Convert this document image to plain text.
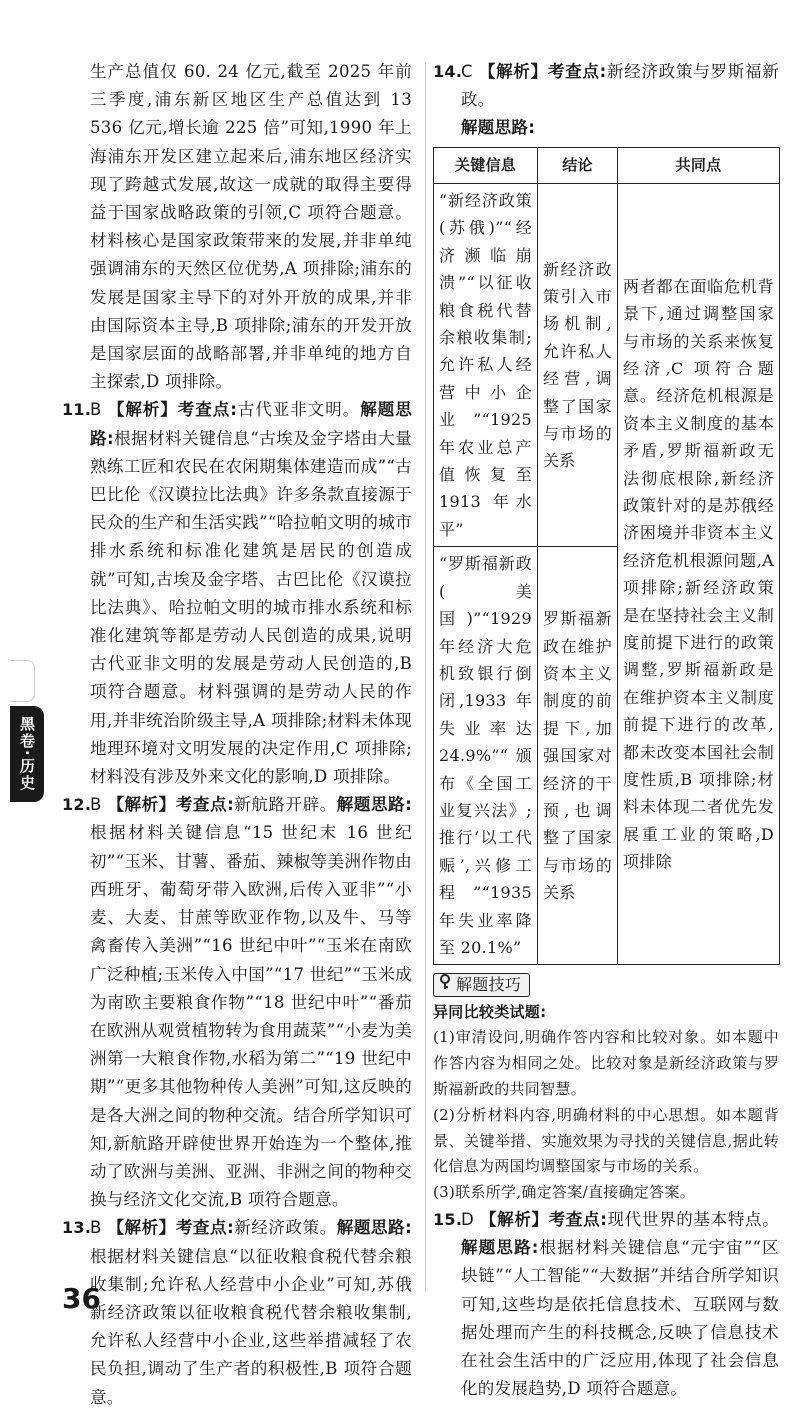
生产总值仅 60. 24 亿元,截至 2025 年前三季度,浦东新区地区生产总值达到 13 536 亿元,增长逾 225 倍”可知,1990 年上海浦东开发区建立起来后,浦东地区经济实现了跨越式发展,故这一成就的取得主要得益于国家战略政策的引领,C 项符合题意。材料核心是国家政策带来的发展,并非单纯强调浦东的天然区位优势,A 项排除;浦东的发展是国家主导下的对外开放的成果,并非由国际资本主导,B 项排除;浦东的开发开放是国家层面的战略部署,并非单纯的地方自主探索,D 项排除。

11.
B 【解析】考查点:古代亚非文明。解题思路:根据材料关键信息“古埃及金字塔由大量熟练工匠和农民在农闲期集体建造而成”“古巴比伦《汉谟拉比法典》许多条款直接源于民众的生产和生活实践”“哈拉帕文明的城市排水系统和标准化建筑是居民的创造成就”可知,古埃及金字塔、古巴比伦《汉谟拉比法典》、哈拉帕文明的城市排水系统和标准化建筑等都是劳动人民创造的成果,说明古代亚非文明的发展是劳动人民创造的,B 项符合题意。材料强调的是劳动人民的作用,并非统治阶级主导,A 项排除;材料未体现地理环境对文明发展的决定作用,C 项排除;材料没有涉及外来文化的影响,D 项排除。
12.
B 【解析】考查点:新航路开辟。解题思路:根据材料关键信息“15 世纪末 16 世纪初”“玉米、甘薯、番茄、辣椒等美洲作物由西班牙、葡萄牙带入欧洲,后传入亚非”“小麦、大麦、甘蔗等欧亚作物,以及牛、马等禽畜传入美洲”“16 世纪中叶”“玉米在南欧广泛种植;玉米传入中国”“17 世纪”“玉米成为南欧主要粮食作物”“18 世纪中叶”“番茄在欧洲从观赏植物转为食用蔬菜”“小麦为美洲第一大粮食作物,水稻为第二”“19 世纪中期”“更多其他物种传人美洲”可知,这反映的是各大洲之间的物种交流。结合所学知识可知,新航路开辟使世界开始连为一个整体,推动了欧洲与美洲、亚洲、非洲之间的物种交换与经济文化交流,B 项符合题意。
13.
B 【解析】考查点:新经济政策。解题思路:根据材料关键信息“以征收粮食税代替余粮收集制;允许私人经营中小企业”可知,苏俄新经济政策以征收粮食税代替余粮收集制,允许私人经营中小企业,这些举措减轻了农民负担,调动了生产者的积极性,B 项符合题意。
14.
C 【解析】考查点:新经济政策与罗斯福新政。
解题思路:
关键信息	结论	共同点
“新经济政策(苏俄)”“经济濒临崩溃”“以征收粮食税代替余粮收集制;允许私人经营中小企业”“1925 年农业总产值恢复至 1913 年水平”	新经济政策引入市场机制,允许私人经营,调整了国家与市场的关系	两者都在面临危机背景下,通过调整国家与市场的关系来恢复经济,C 项符合题意。经济危机根源是资本主义制度的基本矛盾,罗斯福新政无法彻底根除,新经济政策针对的是苏俄经济困境并非资本主义经济危机根源问题,A 项排除;新经济政策是在坚持社会主义制度前提下进行的政策调整,罗斯福新政是在维护资本主义制度前提下进行的改革,都未改变本国社会制度性质,B 项排除;材料未体现二者优先发展重工业的策略,D 项排除
“罗斯福新政(美国)”“1929 年经济大危机致银行倒闭,1933 年失业率达 24.9%”“颁布《全国工业复兴法》;推行‘以工代赈’,兴修工程”“1935 年失业率降至 20.1%”	罗斯福新政在维护资本主义制度的前提下,加强国家对经济的干预,也调整了国家与市场的关系	
解题技巧
异同比较类试题:

(1)审清设问,明确作答内容和比较对象。如本题中作答内容为相同之处。比较对象是新经济政策与罗斯福新政的共同智慧。

(2)分析材料内容,明确材料的中心思想。如本题背景、关键举措、实施效果为寻找的关键信息,据此转化信息为两国均调整国家与市场的关系。

(3)联系所学,确定答案/直接确定答案。

15.
D 【解析】考查点:现代世界的基本特点。解题思路:根据材料关键信息“元宇宙”“区块链”“人工智能”“大数据”并结合所学知识可知,这些均是依托信息技术、互联网与数据处理而产生的科技概念,反映了信息技术在社会生活中的广泛应用,体现了社会信息化的发展趋势,D 项符合题意。
黑卷·历史
36
